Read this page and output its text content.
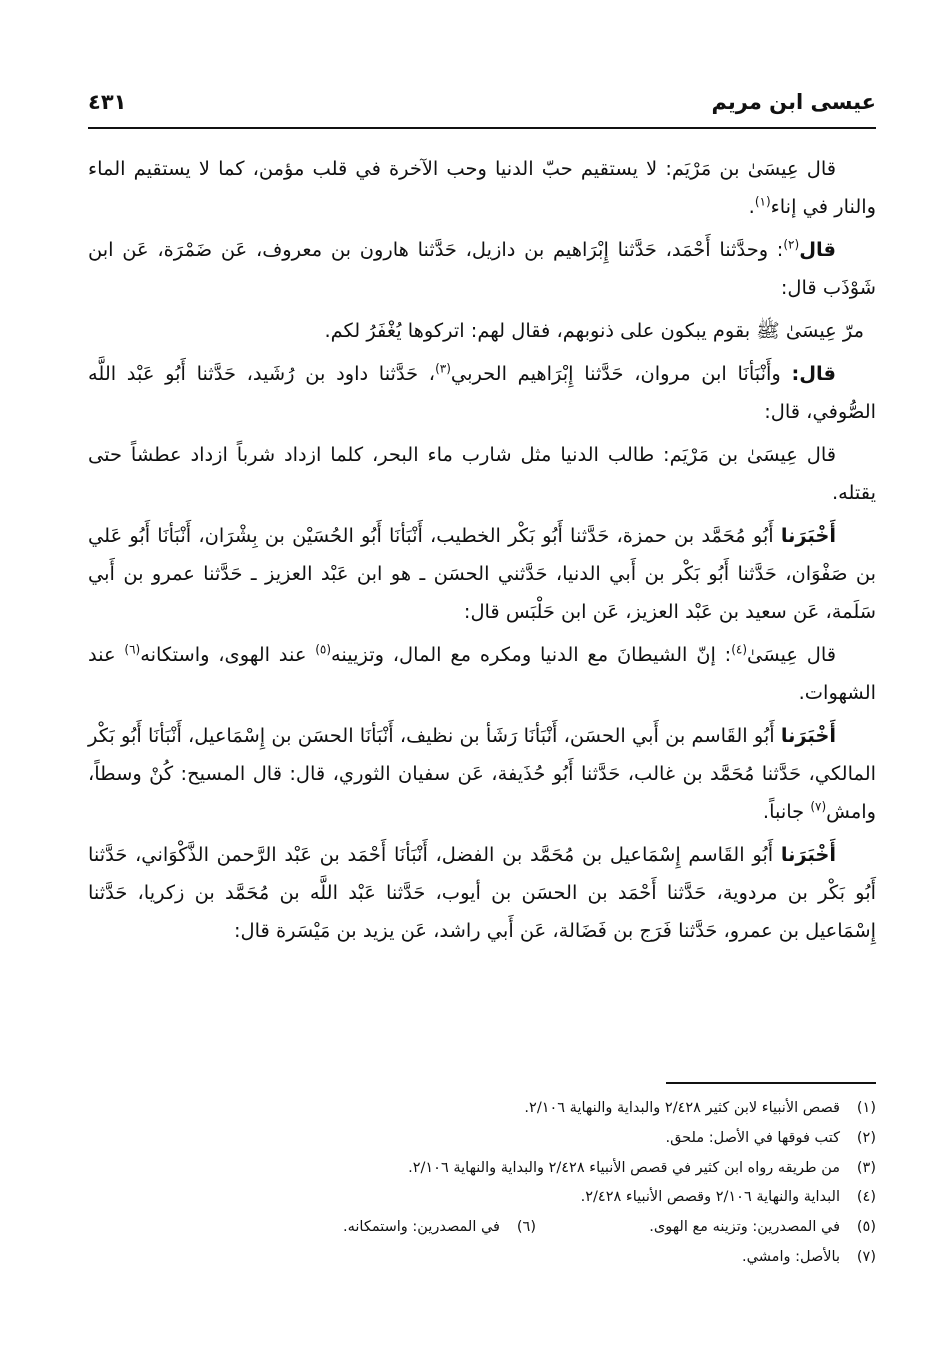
عيسى ابن مريم
٤٣١

قال عِيسَىٰ بن مَرْيَم: لا يستقيم حبّ الدنيا وحب الآخرة في قلب مؤمن، كما لا يستقيم الماء والنار في إناء$^{(١)}$.

قال$^{(٢)}$: وحدَّثنا أَحْمَد، حَدَّثنا إِبْرَاهيم بن دازيل، حَدَّثنا هارون بن معروف، عَن ضَمْرَة، عَن ابن شَوْذَب قال:

مرّ عِيسَىٰ ﷺ بقوم يبكون على ذنوبهم، فقال لهم: اتركوها يُغْفَرُ لكم.

قال: وأَنْبَأنَا ابن مروان، حَدَّثنا إِبْرَاهيم الحربي$^{(٣)}$، حَدَّثنا داود بن رُشَيد، حَدَّثنا أَبُو عَبْد اللَّه الصُّوفي، قال:

قال عِيسَىٰ بن مَرْيَم: طالب الدنيا مثل شارب ماء البحر، كلما ازداد شرباً ازداد عطشاً حتى يقتله.

أَخْبَرَنا أَبُو مُحَمَّد بن حمزة، حَدَّثنا أَبُو بَكْر الخطيب، أَنْبَأنَا أَبُو الحُسَيْن بن بِشْرَان، أَنْبَأنَا أَبُو عَلي بن صَفْوَان، حَدَّثنا أَبُو بَكْر بن أَبي الدنيا، حَدَّثني الحسَن ـ هو ابن عَبْد العزيز ـ حَدَّثنا عمرو بن أَبي سَلَمة، عَن سعيد بن عَبْد العزيز، عَن ابن حَلْبَس قال:

قال عِيسَىٰ$^{(٤)}$: إنّ الشيطانَ مع الدنيا ومكره مع المال، وتزيينه$^{(٥)}$ عند الهوى، واستكانه$^{(٦)}$ عند الشهوات.

أَخْبَرَنا أَبُو القَاسم بن أَبي الحسَن، أَنْبَأنَا رَشَأ بن نظيف، أَنْبَأنَا الحسَن بن إِسْمَاعيل، أَنْبَأنَا أَبُو بَكْر المالكي، حَدَّثنا مُحَمَّد بن غالب، حَدَّثنا أَبُو حُذَيفة، عَن سفيان الثوري، قال: قال المسيح: كُنْ وسطاً، وامش$^{(٧)}$ جانباً.

أَخْبَرَنا أَبُو القَاسم إِسْمَاعيل بن مُحَمَّد بن الفضل، أَنْبَأنَا أَحْمَد بن عَبْد الرَّحمن الذَّكْوَاني، حَدَّثنا أَبُو بَكْر بن مردوية، حَدَّثنا أَحْمَد بن الحسَن بن أيوب، حَدَّثنا عَبْد اللَّه بن مُحَمَّد بن زكريا، حَدَّثنا إِسْمَاعيل بن عمرو، حَدَّثنا فَرَج بن فَضَالة، عَن أَبي راشد، عَن يزيد بن مَيْسَرة قال:

(١)
قصص الأنبياء لابن كثير ٢/٤٢٨ والبداية والنهاية ٢/١٠٦.
(٢)
كتب فوقها في الأصل: ملحق.
(٣)
من طريقه رواه ابن كثير في قصص الأنبياء ٢/٤٢٨ والبداية والنهاية ٢/١٠٦.
(٤)
البداية والنهاية ٢/١٠٦ وقصص الأنبياء ٢/٤٢٨.
(٥)
في المصدرين: وتزينه مع الهوى.
(٦)
في المصدرين: واستمكانه.
(٧)
بالأصل: وامشي.
